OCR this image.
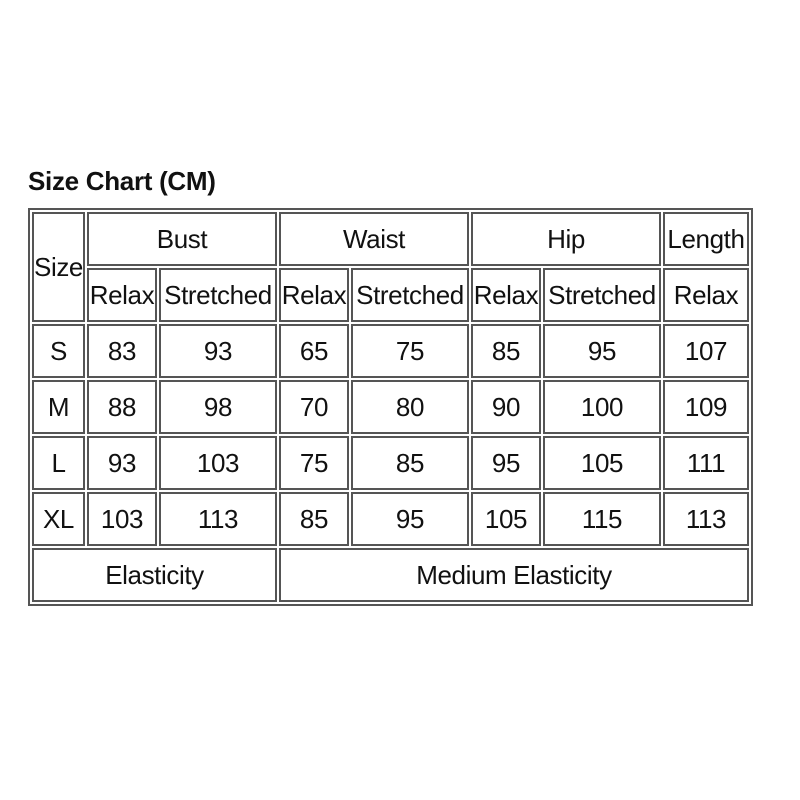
Size Chart (CM)
Size	Bust		Waist		Hip		Length
	Relax	Stretched	Relax	Stretched	Relax	Stretched	Relax
S	83	93	65	75	85	95	107
M	88	98	70	80	90	100	109
L	93	103	75	85	95	105	111
XL	103	113	85	95	105	115	113
Elasticity			Medium Elasticity				
